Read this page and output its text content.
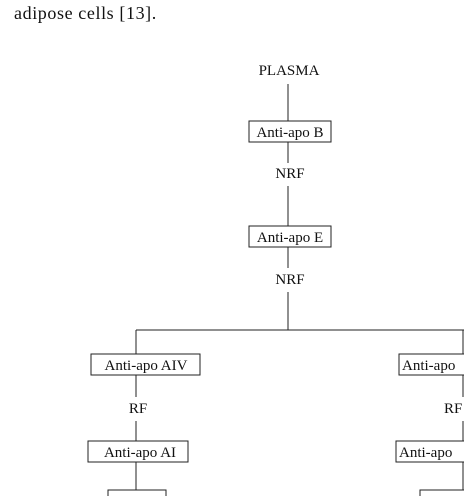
adipose cells [13].
PLASMA
Anti-apo B
NRF
Anti-apo E
NRF
Anti-apo AIV
RF
Anti-apo AI
Anti-apo
RF
Anti-apo
